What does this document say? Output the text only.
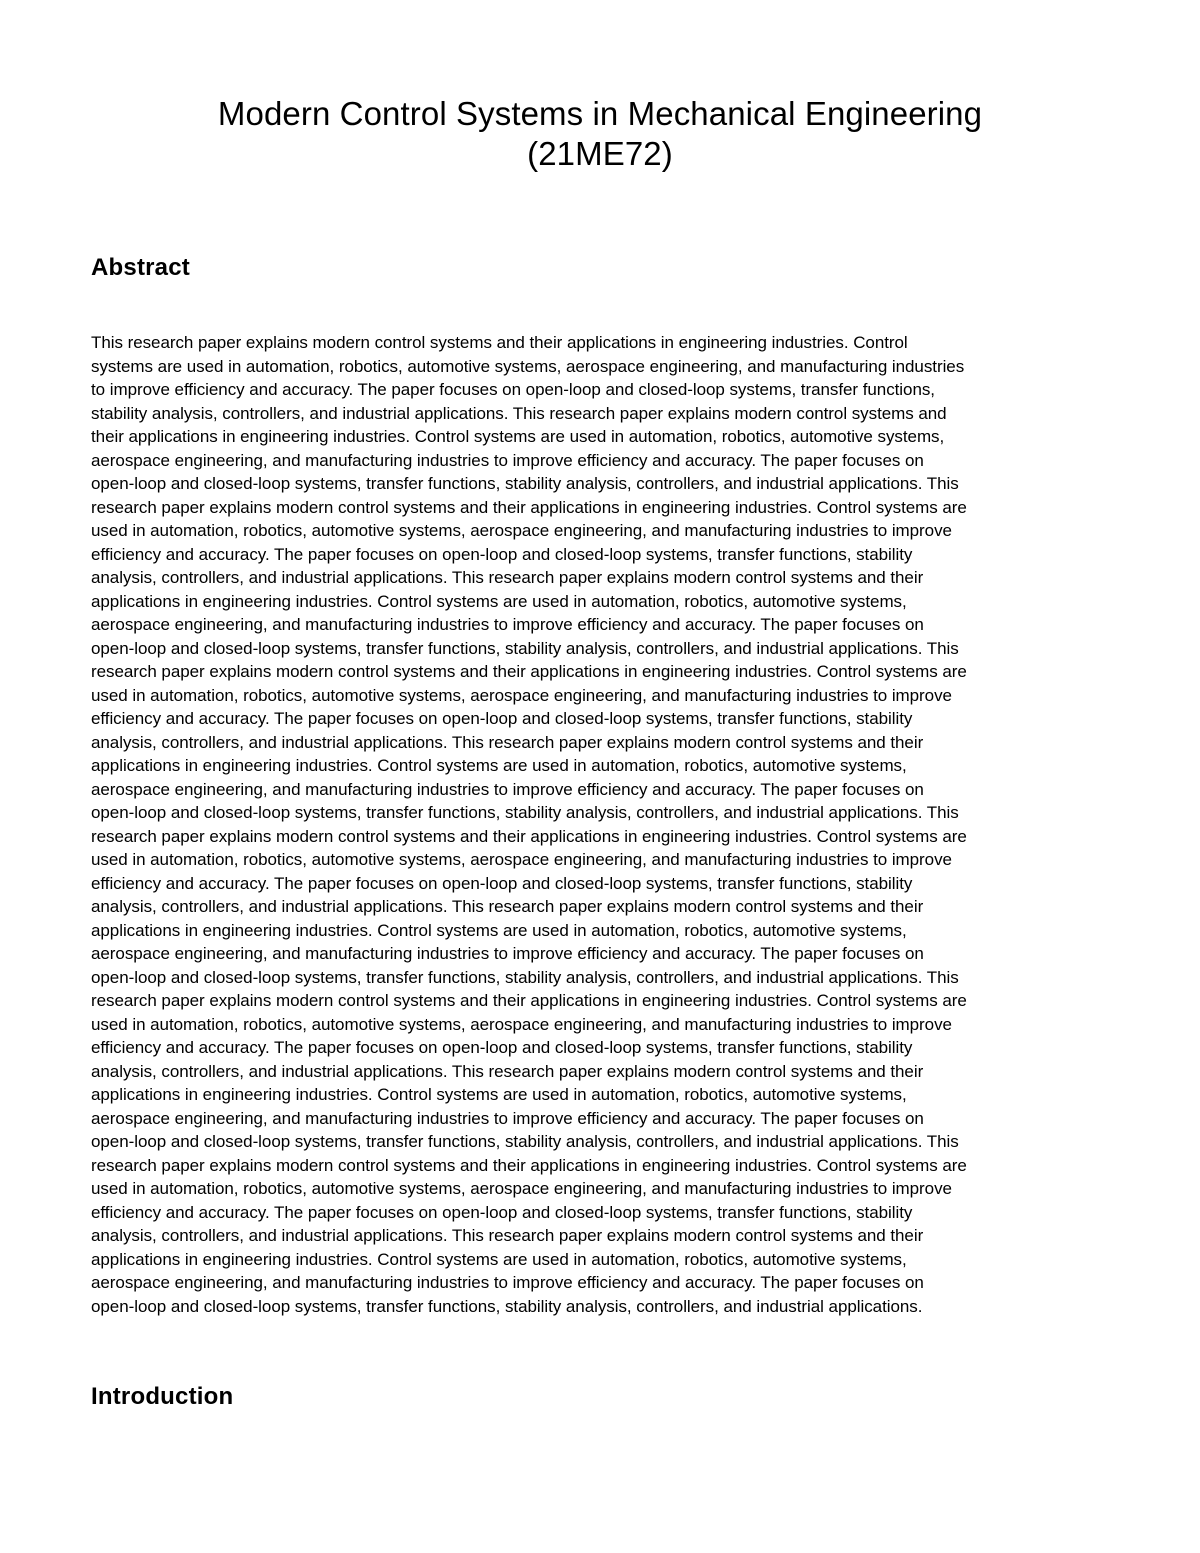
Modern Control Systems in Mechanical Engineering
(21ME72)
Abstract

This research paper explains modern control systems and their applications in engineering industries. Control
systems are used in automation, robotics, automotive systems, aerospace engineering, and manufacturing industries
to improve efficiency and accuracy. The paper focuses on open-loop and closed-loop systems, transfer functions,
stability analysis, controllers, and industrial applications. This research paper explains modern control systems and
their applications in engineering industries. Control systems are used in automation, robotics, automotive systems,
aerospace engineering, and manufacturing industries to improve efficiency and accuracy. The paper focuses on
open-loop and closed-loop systems, transfer functions, stability analysis, controllers, and industrial applications. This
research paper explains modern control systems and their applications in engineering industries. Control systems are
used in automation, robotics, automotive systems, aerospace engineering, and manufacturing industries to improve
efficiency and accuracy. The paper focuses on open-loop and closed-loop systems, transfer functions, stability
analysis, controllers, and industrial applications. This research paper explains modern control systems and their
applications in engineering industries. Control systems are used in automation, robotics, automotive systems,
aerospace engineering, and manufacturing industries to improve efficiency and accuracy. The paper focuses on
open-loop and closed-loop systems, transfer functions, stability analysis, controllers, and industrial applications. This
research paper explains modern control systems and their applications in engineering industries. Control systems are
used in automation, robotics, automotive systems, aerospace engineering, and manufacturing industries to improve
efficiency and accuracy. The paper focuses on open-loop and closed-loop systems, transfer functions, stability
analysis, controllers, and industrial applications. This research paper explains modern control systems and their
applications in engineering industries. Control systems are used in automation, robotics, automotive systems,
aerospace engineering, and manufacturing industries to improve efficiency and accuracy. The paper focuses on
open-loop and closed-loop systems, transfer functions, stability analysis, controllers, and industrial applications. This
research paper explains modern control systems and their applications in engineering industries. Control systems are
used in automation, robotics, automotive systems, aerospace engineering, and manufacturing industries to improve
efficiency and accuracy. The paper focuses on open-loop and closed-loop systems, transfer functions, stability
analysis, controllers, and industrial applications. This research paper explains modern control systems and their
applications in engineering industries. Control systems are used in automation, robotics, automotive systems,
aerospace engineering, and manufacturing industries to improve efficiency and accuracy. The paper focuses on
open-loop and closed-loop systems, transfer functions, stability analysis, controllers, and industrial applications. This
research paper explains modern control systems and their applications in engineering industries. Control systems are
used in automation, robotics, automotive systems, aerospace engineering, and manufacturing industries to improve
efficiency and accuracy. The paper focuses on open-loop and closed-loop systems, transfer functions, stability
analysis, controllers, and industrial applications. This research paper explains modern control systems and their
applications in engineering industries. Control systems are used in automation, robotics, automotive systems,
aerospace engineering, and manufacturing industries to improve efficiency and accuracy. The paper focuses on
open-loop and closed-loop systems, transfer functions, stability analysis, controllers, and industrial applications. This
research paper explains modern control systems and their applications in engineering industries. Control systems are
used in automation, robotics, automotive systems, aerospace engineering, and manufacturing industries to improve
efficiency and accuracy. The paper focuses on open-loop and closed-loop systems, transfer functions, stability
analysis, controllers, and industrial applications. This research paper explains modern control systems and their
applications in engineering industries. Control systems are used in automation, robotics, automotive systems,
aerospace engineering, and manufacturing industries to improve efficiency and accuracy. The paper focuses on
open-loop and closed-loop systems, transfer functions, stability analysis, controllers, and industrial applications.

Introduction
